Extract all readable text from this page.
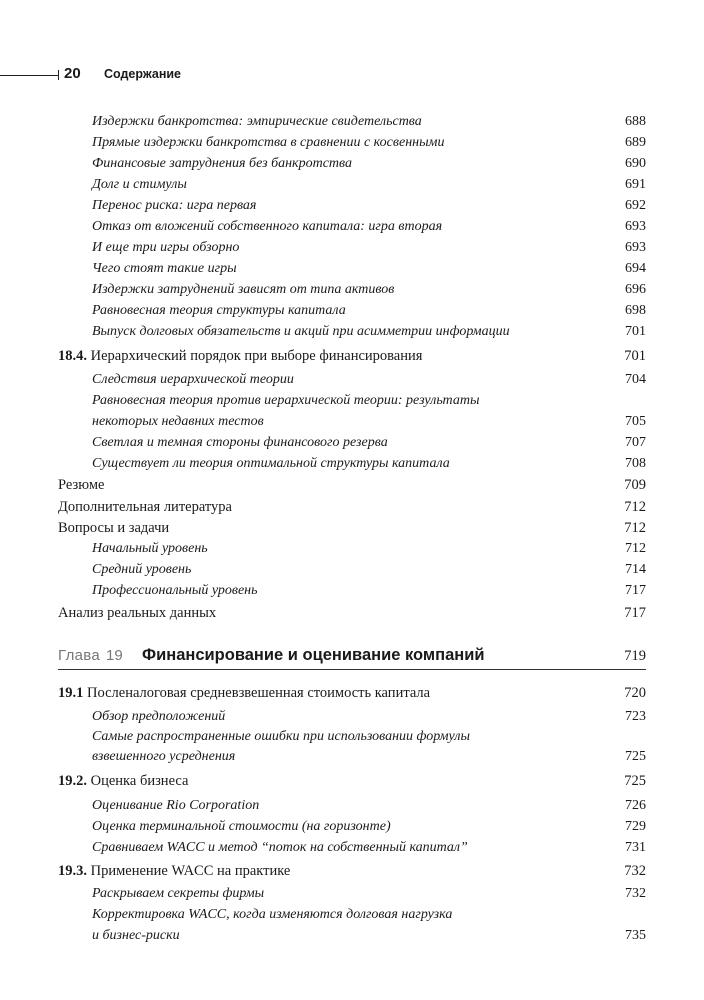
20 Содержание
Издержки банкротства: эмпирические свидетельства	688
Прямые издержки банкротства в сравнении с косвенными	689
Финансовые затруднения без банкротства	690
Долг и стимулы	691
Перенос риска: игра первая	692
Отказ от вложений собственного капитала: игра вторая	693
И еще три игры обзорно	693
Чего стоят такие игры	694
Издержки затруднений зависят от типа активов	696
Равновесная теория структуры капитала	698
Выпуск долговых обязательств и акций при асимметрии информации	701
18.4. Иерархический порядок при выборе финансирования	701
Следствия иерархической теории	704
Равновесная теория против иерархической теории: результаты
некоторых недавних тестов	705
Светлая и темная стороны финансового резерва	707
Существует ли теория оптимальной структуры капитала	708
Резюме	709
Дополнительная литература	712
Вопросы и задачи	712
Начальный уровень	712
Средний уровень	714
Профессиональный уровень	717
Анализ реальных данных	717
Глава 19 Финансирование и оценивание компаний	719
19.1 Посленалоговая средневзвешенная стоимость капитала	720
Обзор предположений	723
Самые распространенные ошибки при использовании формулы
взвешенного усреднения	725
19.2. Оценка бизнеса	725
Оценивание Rio Corporation	726
Оценка терминальной стоимости (на горизонте)	729
Сравниваем WACC и метод “поток на собственный капитал”	731
19.3. Применение WACC на практике	732
Раскрываем секреты фирмы	732
Корректировка WACC, когда изменяются долговая нагрузка
и бизнес-риски	735
